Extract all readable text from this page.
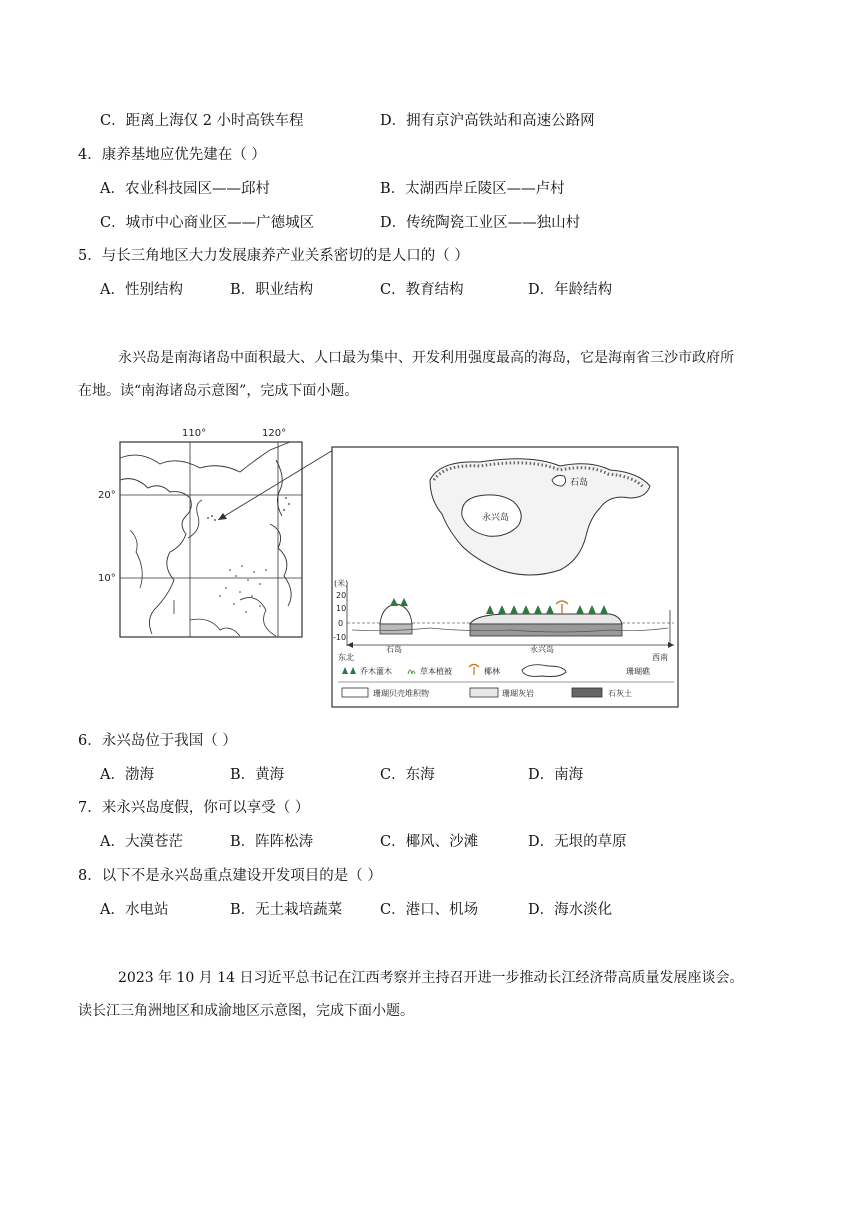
C．距离上海仅 2 小时高铁车程	D．拥有京沪高铁站和高速公路网
4．康养基地应优先建在（ ）
A．农业科技园区——邱村	B．太湖西岸丘陵区——卢村
C．城市中心商业区——广德城区	D．传统陶瓷工业区——独山村
5．与长三角地区大力发展康养产业关系密切的是人口的（ ）
A．性别结构	B．职业结构	C．教育结构	D．年龄结构
永兴岛是南海诸岛中面积最大、人口最为集中、开发利用强度最高的海岛，它是海南省三沙市政府所
在地。读“南海诸岛示意图”，完成下面小题。
110°	120°
20°
10°
石岛
永兴岛
(米)
20
10
0
-10
东北	西南
石岛	永兴岛
乔木灌木	草本植被	椰林	珊瑚礁
珊瑚贝壳堆积物	珊瑚灰岩	石灰土
6．永兴岛位于我国（ ）
A．渤海	B．黄海	C．东海	D．南海
7．来永兴岛度假，你可以享受（ ）
A．大漠苍茫	B．阵阵松涛	C．椰风、沙滩	D．无垠的草原
8．以下不是永兴岛重点建设开发项目的是（ ）
A．水电站	B．无土栽培蔬菜	C．港口、机场	D．海水淡化
2023 年 10 月 14 日习近平总书记在江西考察并主持召开进一步推动长江经济带高质量发展座谈会。
读长江三角洲地区和成渝地区示意图，完成下面小题。
